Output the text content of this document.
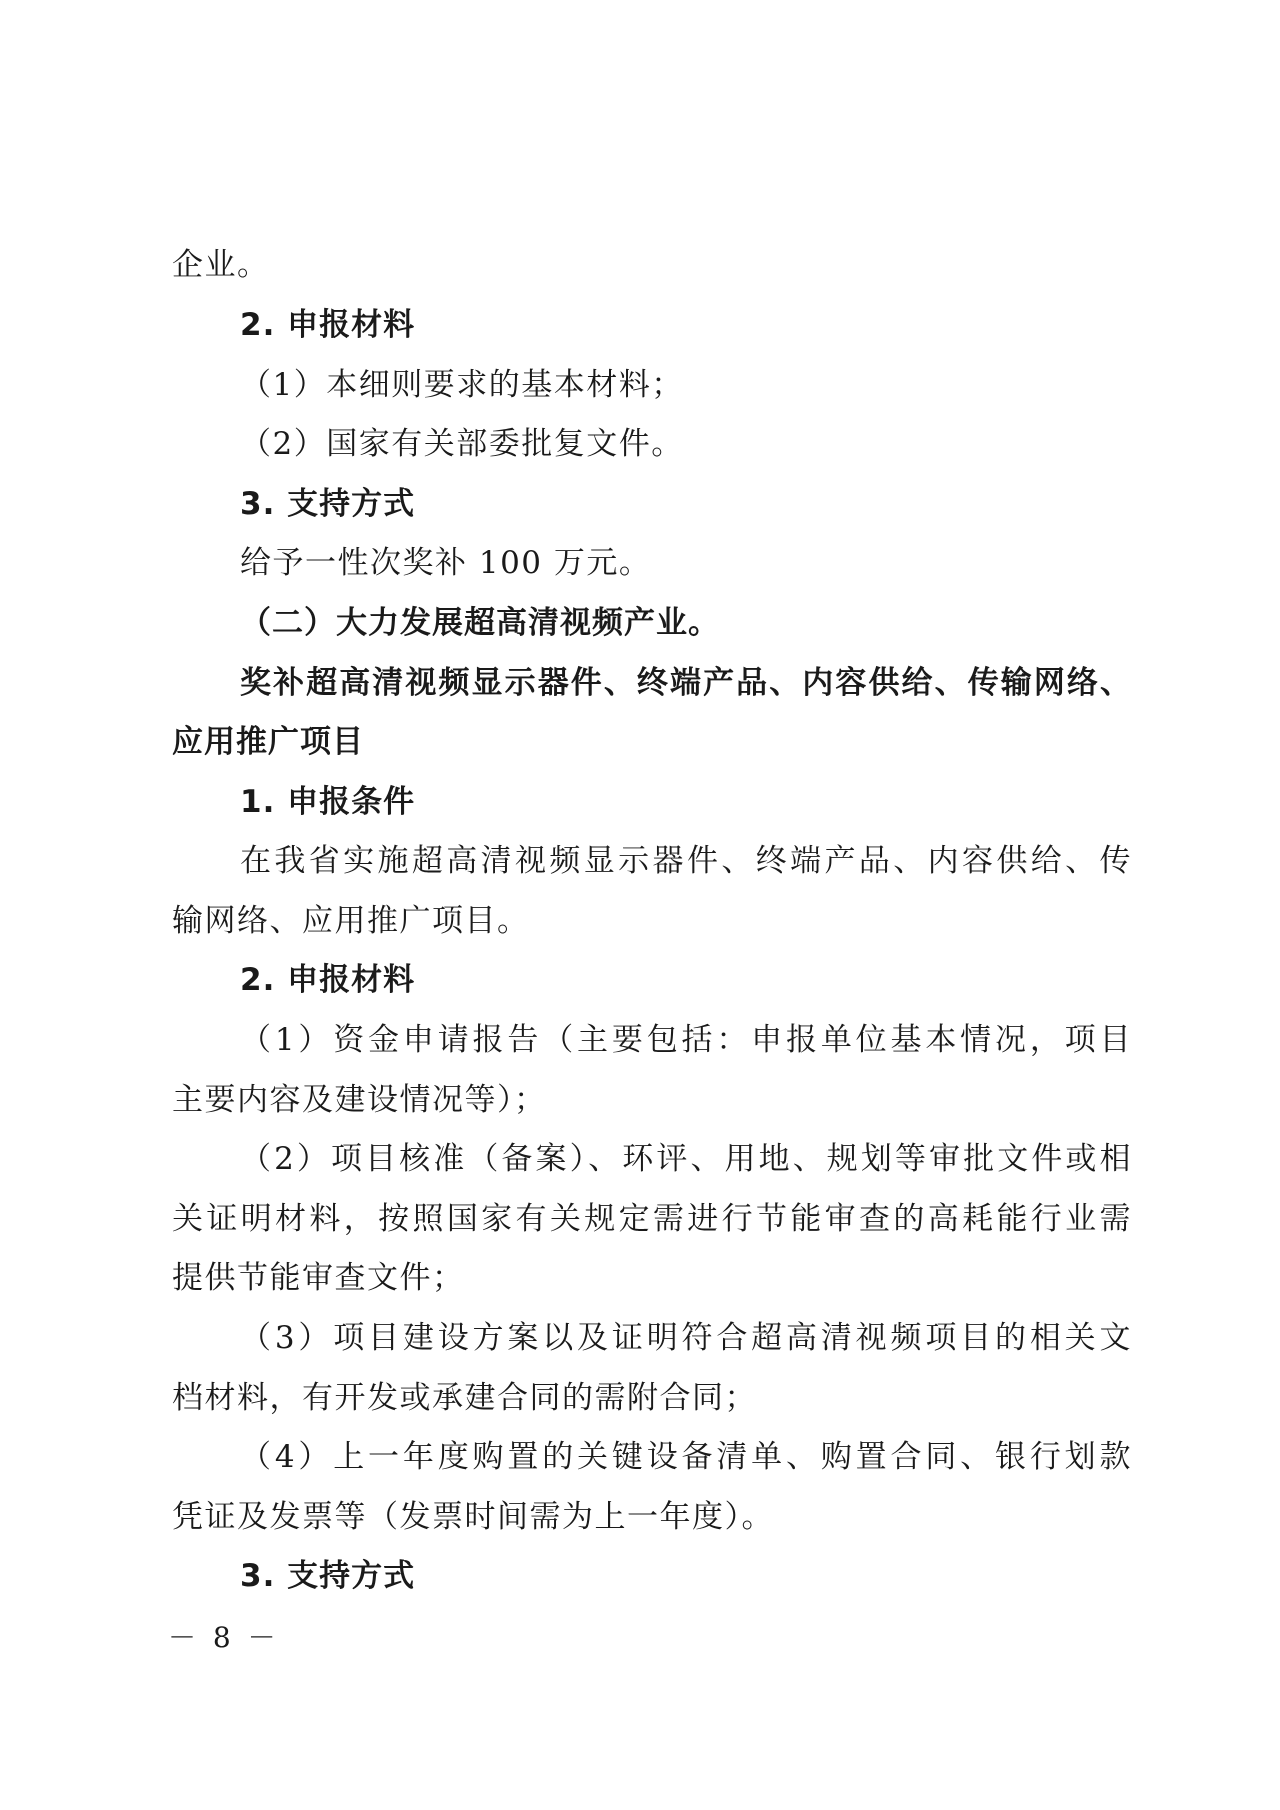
企业。
2. 申报材料
（1）本细则要求的基本材料；
（2）国家有关部委批复文件。
3. 支持方式
给予一性次奖补 100 万元。
（二）大力发展超高清视频产业。
奖补超高清视频显示器件、终端产品、内容供给、传输网络、
应用推广项目
1. 申报条件
在我省实施超高清视频显示器件、终端产品、内容供给、传
输网络、应用推广项目。
2. 申报材料
（1）资金申请报告（主要包括：申报单位基本情况，项目
主要内容及建设情况等）；
（2）项目核准（备案）、环评、用地、规划等审批文件或相
关证明材料，按照国家有关规定需进行节能审查的高耗能行业需
提供节能审查文件；
（3）项目建设方案以及证明符合超高清视频项目的相关文
档材料，有开发或承建合同的需附合同；
（4）上一年度购置的关键设备清单、购置合同、银行划款
凭证及发票等（发票时间需为上一年度）。
3. 支持方式
－ 8 －
